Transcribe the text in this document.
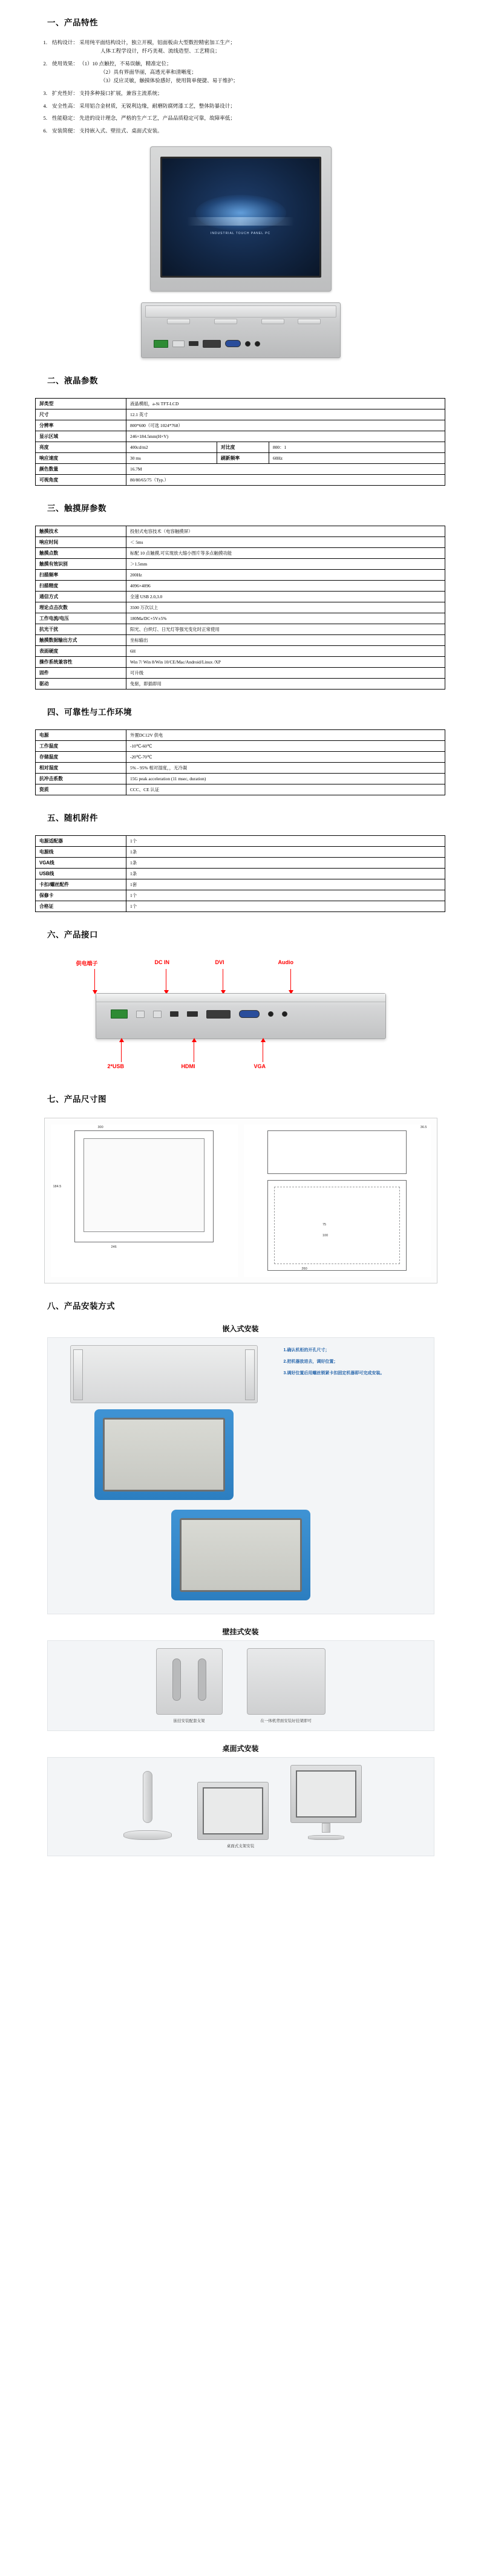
一、产品特性
1. 结构设计： 采用纯平面结构设计，独立开模，铝面板由大型数控精密加工生产；
人体工程学设计，纤巧美观、流线造型、工艺精良；
2. 使用效果： （1）10 点触控，不易误触，精准定位；
（2）具有界面华丽，高透光率和清晰度；
（3）反应灵敏，触摸体验感好，使用简单便捷、易于维护；
3. 扩充性好： 支持多种接口扩展，兼容主流系统；
4. 安全性高： 采用铝合金材质，无锐利边缘，耐磨防腐烤漆工艺，整体防暴设计；
5. 性能稳定： 先进的设计理念，严格的生产工艺，产品品质稳定可靠，故障率低；
6. 安装简便： 支持嵌入式、壁挂式、桌面式安装。
INDUSTRIAL TOUCH PANEL PC
二、液晶参数
屏类型	液晶模组，a-Si TFT-LCD		
尺寸	12.1 英寸		
分辨率	800*600（可选 1024*768）		
显示区域	246×184.5mm(H×V)		
亮度	400cd/m2	对比度	800：1
响应速度	30 ms	刷新频率	60Hz
颜色数量	16.7M		
可视角度	80/80/65/75（Typ.）		
三、触摸屏参数
触摸技术	投射式电容技术（电容触摸屏）
响应时间	＜ 5ms
触摸点数	标配 10 点触摸,可实现放大缩小图片等多点触摸功能
触摸有效识别	＞1.5mm
扫描频率	200Hz
扫描精度	4096×4096
通信方式	全速 USB 2.0,3.0
理论点击次数	3500 万次以上
工作电流/电压	180Ma/DC+5V±5%
抗光干扰	阳光、白炽灯、日光灯等强光变化时正常使用
触摸数据输出方式	坐标输出
表面硬度	6H
操作系统兼容性	Win 7/ Win 8/Win 10/CE/Mac/Android/Linux /XP
固件	可升级
驱动	免驱，即插即用
四、可靠性与工作环境
电源	外置DC12V 供电
工作温度	-10℃-60℃
存储温度	-20℃-70℃
相对湿度	5% - 95% 相对湿度，，无冷凝
抗冲击系数	15G peak acceleration (11 msec, duration)
资质	CCC、CE 认证
五、随机附件
电源适配器	1个
电源线	1条
VGA线	1条
USB线	1条
卡扣/螺丝配件	1套
保修卡	1个
合格证	1个
六、产品接口
供电端子	DC IN	DVI	Audio
2*USB	HDMI	VGA
七、产品尺寸图
300
246
184.5
36.5
75
100
260
八、产品安装方式
嵌入式安装
1.确认机柜的开孔尺寸；
2.把机器放进去，调好位置；
3.调好位置后用螺丝锁紧卡扣固定机器即可完成安装。
壁挂式安装
嵌挂安装配套支架	在一体机背面安装好挂架即可
桌面式安装
桌面式支架安装
